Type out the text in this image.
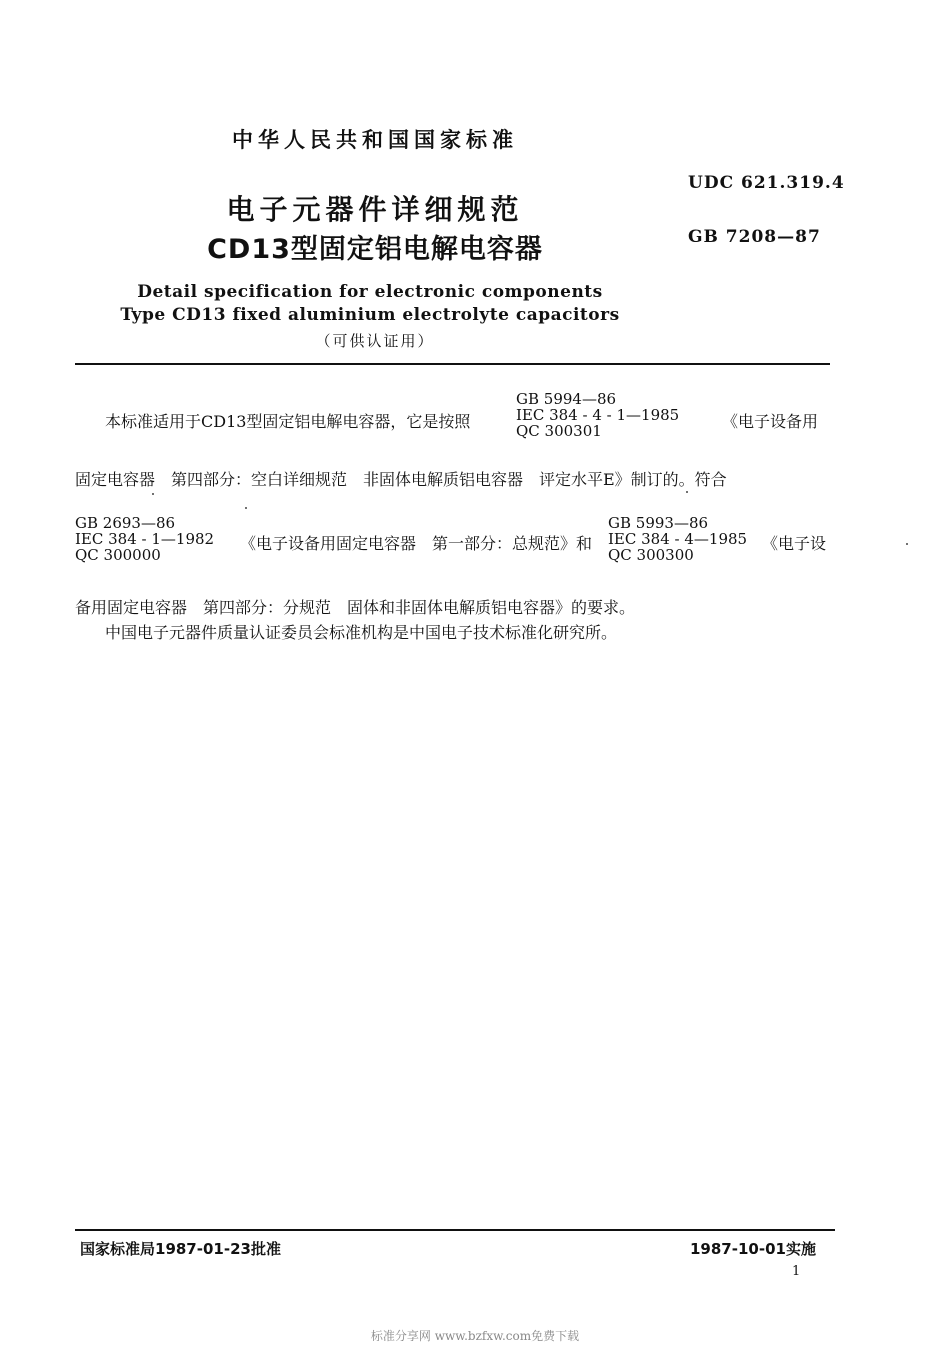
中华人民共和国国家标准
UDC 621.319.4
电子元器件详细规范
CD13型固定铝电解电容器	GB 7208—87
Detail specification for electronic components
Type CD13 fixed aluminium electrolyte capacitors
（可供认证用）
本标准适用于CD13型固定铝电解电容器，它是按照
GB 5994—86
IEC 384 - 4 - 1—1985
QC 300301	《电子设备用
固定电容器　第四部分：空白详细规范　非固体电解质铝电容器　评定水平E》制订的。符合
GB 2693—86
IEC 384 - 1—1982
QC 300000
《电子设备用固定电容器　第一部分：总规范》和
GB 5993—86
IEC 384 - 4—1985
QC 300300
《电子设
备用固定电容器　第四部分：分规范　固体和非固体电解质铝电容器》的要求。
中国电子元器件质量认证委员会标准机构是中国电子技术标准化研究所。
国家标准局1987-01-23批准	1987-10-01实施
1
标准分享网 www.bzfxw.com免费下载
